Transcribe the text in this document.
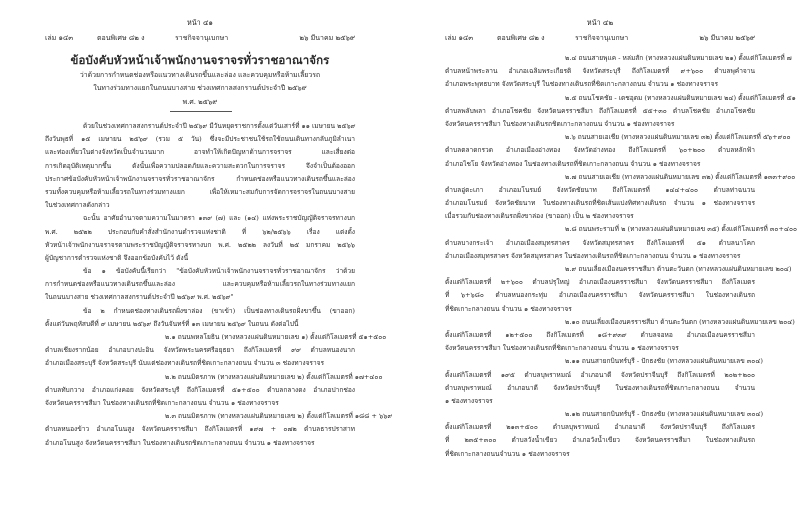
หน้า ๔๑
เล่ม ๑๔๓	ตอนพิเศษ ๘๒ ง	ราชกิจจานุเบกษา	๒๖ มีนาคม ๒๕๖๙
ข้อบังคับหัวหน้าเจ้าพนักงานจราจรทั่วราชอาณาจักร
ว่าด้วยการกำหนดช่องหรือแนวทางเดินรถขึ้นและล่อง และควบคุมหรือห้ามเลี้ยวรถ
ในทางร่วมทางแยกในถนนบางสาย ช่วงเทศกาลสงกรานต์ประจำปี ๒๕๖๙
พ.ศ. ๒๕๖๙
ด้วยในช่วงเทศกาลสงกรานต์ประจำปี ๒๕๖๙ มีวันหยุดราชการตั้งแต่วันเสาร์ที่ ๑๑ เมษายน ๒๕๖๙
ถึงวันพุธที่ ๑๕ เมษายน ๒๕๖๙ (รวม ๕ วัน) ซึ่งจะมีประชาชนใช้รถใช้ถนนเดินทางกลับภูมิลำเนา
และท่องเที่ยวในต่างจังหวัดเป็นจำนวนมาก อาจทำให้เกิดปัญหาด้านการจราจร และเสี่ยงต่อ
การเกิดอุบัติเหตุมากขึ้น ดังนั้นเพื่อความปลอดภัยและความสะดวกในการจราจร จึงจำเป็นต้องออก
ประกาศข้อบังคับหัวหน้าเจ้าพนักงานจราจรทั่วราชอาณาจักร กำหนดช่องหรือแนวทางเดินรถขึ้นและล่อง
รวมทั้งควบคุมหรือห้ามเลี้ยวรถในทางร่วมทางแยก เพื่อให้เหมาะสมกับการจัดการจราจรในถนนบางสาย
ในช่วงเทศกาลดังกล่าว
ฉะนั้น อาศัยอำนาจตามความในมาตรา ๑๓๙ (๗) และ (๑๔) แห่งพระราชบัญญัติจราจรทางบก
พ.ศ. ๒๕๒๒ ประกอบกับคำสั่งสำนักงานตำรวจแห่งชาติ ที่ ๖๒/๒๕๖๖ เรื่อง แต่งตั้ง
หัวหน้าเจ้าพนักงานจราจรตามพระราชบัญญัติจราจรทางบก พ.ศ. ๒๕๒๒ ลงวันที่ ๒๕ มกราคม ๒๕๖๖
ผู้บัญชาการตำรวจแห่งชาติ จึงออกข้อบังคับไว้ ดังนี้
ข้อ ๑ ข้อบังคับนี้เรียกว่า "ข้อบังคับหัวหน้าเจ้าพนักงานจราจรทั่วราชอาณาจักร ว่าด้วย
การกำหนดช่องหรือแนวทางเดินรถขึ้นและล่อง และควบคุมหรือห้ามเลี้ยวรถในทางร่วมทางแยก
ในถนนบางสาย ช่วงเทศกาลสงกรานต์ประจำปี ๒๕๖๙ พ.ศ. ๒๕๖๙"
ข้อ ๒ กำหนดช่องทางเดินรถฝั่งขาล่อง (ขาเข้า) เป็นช่องทางเดินรถฝั่งขาขึ้น (ขาออก)
ตั้งแต่วันพฤหัสบดีที่ ๙ เมษายน ๒๕๖๙ ถึงวันจันทร์ที่ ๑๓ เมษายน ๒๕๖๙ ในถนน ดังต่อไปนี้
๒.๑ ถนนพหลโยธิน (ทางหลวงแผ่นดินหมายเลข ๑) ตั้งแต่กิโลเมตรที่ ๕๑+๕๐๐
ตำบลเชียงรากน้อย อำเภอบางปะอิน จังหวัดพระนครศรีอยุธยา ถึงกิโลเมตรที่ ๙๙ ตำบลหนองนาก
อำเภอเมืองสระบุรี จังหวัดสระบุรี นับแต่ช่องทางเดินรถที่ชิดเกาะกลางถนน จำนวน ๓ ช่องทางจราจร
๒.๒ ถนนมิตรภาพ (ทางหลวงแผ่นดินหมายเลข ๒) ตั้งแต่กิโลเมตรที่ ๑๗+๔๐๐
ตำบลทับกวาง อำเภอแก่งคอย จังหวัดสระบุรี ถึงกิโลเมตรที่ ๕๑+๕๐๐ ตำบลกลางดง อำเภอปากช่อง
จังหวัดนครราชสีมา ในช่องทางเดินรถที่ชิดเกาะกลางถนน จำนวน ๑ ช่องทางจราจร
๒.๓ ถนนมิตรภาพ (ทางหลวงแผ่นดินหมายเลข ๒) ตั้งแต่กิโลเมตรที่ ๑๘๘ + ๖๖๙
ตำบลหนองข้าว อำเภอโนนสูง จังหวัดนครราชสีมา ถึงกิโลเมตรที่ ๑๙๗ + ๐๗๒ ตำบลธารปราสาท
อำเภอโนนสูง จังหวัดนครราชสีมา ในช่องทางเดินรถชิดเกาะกลางถนน จำนวน ๑ ช่องทางจราจร
หน้า ๔๒
เล่ม ๑๔๓	ตอนพิเศษ ๘๒ ง	ราชกิจจานุเบกษา	๒๖ มีนาคม ๒๕๖๙
๒.๔ ถนนสายพุแค - หล่มสัก (ทางหลวงแผ่นดินหมายเลข ๒๑) ตั้งแต่กิโลเมตรที่ ๗
ตำบลหน้าพระลาน อำเภอเฉลิมพระเกียรติ จังหวัดสระบุรี ถึงกิโลเมตรที่ ๙+๖๐๐ ตำบลพุคำจาน
อำเภอพระพุทธบาท จังหวัดสระบุรี ในช่องทางเดินรถที่ชิดเกาะกลางถนน จำนวน ๑ ช่องทางจราจร
๒.๕ ถนนโชคชัย - เดชอุดม (ทางหลวงแผ่นดินหมายเลข ๒๔) ตั้งแต่กิโลเมตรที่ ๕๑
ตำบลพลับพลา อำเภอโชคชัย จังหวัดนครราชสีมา ถึงกิโลเมตรที่ ๕๕+๓๐ ตำบลโชคชัย อำเภอโชคชัย
จังหวัดนครราชสีมา ในช่องทางเดินรถชิดเกาะกลางถนน จำนวน ๑ ช่องทางจราจร
๒.๖ ถนนสายเอเชีย (ทางหลวงแผ่นดินหมายเลข ๓๒) ตั้งแต่กิโลเมตรที่ ๕๖+๙๐๐
ตำบลตลาดกรวด อำเภอเมืองอ่างทอง จังหวัดอ่างทอง ถึงกิโลเมตรที่ ๖๐+๒๐๐ ตำบลหลักฟ้า
อำเภอไชโย จังหวัดอ่างทอง ในช่องทางเดินรถที่ชิดเกาะกลางถนน จำนวน ๑ ช่องทางจราจร
๒.๗ ถนนสายเอเชีย (ทางหลวงแผ่นดินหมายเลข ๓๒) ตั้งแต่กิโลเมตรที่ ๑๓๓+๙๐๐
ตำบลอู่ตะเภา อำเภอมโนรมย์ จังหวัดชัยนาท ถึงกิโลเมตรที่ ๑๔๔+๔๐๐ ตำบลท่าฉนวน
อำเภอมโนรมย์ จังหวัดชัยนาท ในช่องทางเดินรถที่ชิดเส้นแบ่งทิศทางเดินรถ จำนวน ๑ ช่องทางจราจร
เมื่อรวมกับช่องทางเดินรถฝั่งขาล่อง (ขาออก) เป็น ๒ ช่องทางจราจร
๒.๘ ถนนพระรามที่ ๒ (ทางหลวงแผ่นดินหมายเลข ๓๕) ตั้งแต่กิโลเมตรที่ ๓๐+๔๐๐
ตำบลบางกระเจ้า อำเภอเมืองสมุทรสาคร จังหวัดสมุทรสาคร ถึงกิโลเมตรที่ ๕๑ ตำบลนาโคก
อำเภอเมืองสมุทรสาคร จังหวัดสมุทรสาคร ในช่องทางเดินรถที่ชิดเกาะกลางถนน จำนวน ๑ ช่องทางจราจร
๒.๙ ถนนเลี่ยงเมืองนครราชสีมา ด้านตะวันตก (ทางหลวงแผ่นดินหมายเลข ๒๐๔)
ตั้งแต่กิโลเมตรที่ ๒+๖๐๐ ตำบลปรุใหญ่ อำเภอเมืองนครราชสีมา จังหวัดนครราชสีมา ถึงกิโลเมตร
ที่ ๖+๖๘๐ ตำบลหนองกระทุ่ม อำเภอเมืองนครราชสีมา จังหวัดนครราชสีมา ในช่องทางเดินรถ
ที่ชิดเกาะกลางถนน จำนวน ๑ ช่องทางจราจร
๒.๑๐ ถนนเลี่ยงเมืองนครราชสีมา ด้านตะวันตก (ทางหลวงแผ่นดินหมายเลข ๒๐๔)
ตั้งแต่กิโลเมตรที่ ๑๒+๕๐๐ ถึงกิโลเมตรที่ ๑๘+๙๓๙ ตำบลจอหอ อำเภอเมืองนครราชสีมา
จังหวัดนครราชสีมา ในช่องทางเดินรถที่ชิดเกาะกลางถนน จำนวน ๑ ช่องทางจราจร
๒.๑๑ ถนนสายกบินทร์บุรี - ปักธงชัย (ทางหลวงแผ่นดินหมายเลข ๓๐๔)
ตั้งแต่กิโลเมตรที่ ๑๙๕ ตำบลบุพราหมณ์ อำเภอนาดี จังหวัดปราจีนบุรี ถึงกิโลเมตรที่ ๒๐๒+๒๐๐
ตำบลบุพราหมณ์ อำเภอนาดี จังหวัดปราจีนบุรี ในช่องทางเดินรถที่ชิดเกาะกลางถนน จำนวน
๑ ช่องทางจราจร
๒.๑๒ ถนนสายกบินทร์บุรี - ปักธงชัย (ทางหลวงแผ่นดินหมายเลข ๓๐๔)
ตั้งแต่กิโลเมตรที่ ๒๑๓+๕๐๐ ตำบลบุพราหมณ์ อำเภอนาดี จังหวัดปราจีนบุรี ถึงกิโลเมตร
ที่ ๒๓๕+๓๐๐ ตำบลวังน้ำเขียว อำเภอวังน้ำเขียว จังหวัดนครราชสีมา ในช่องทางเดินรถ
ที่ชิดเกาะกลางถนนจำนวน ๑ ช่องทางจราจร
